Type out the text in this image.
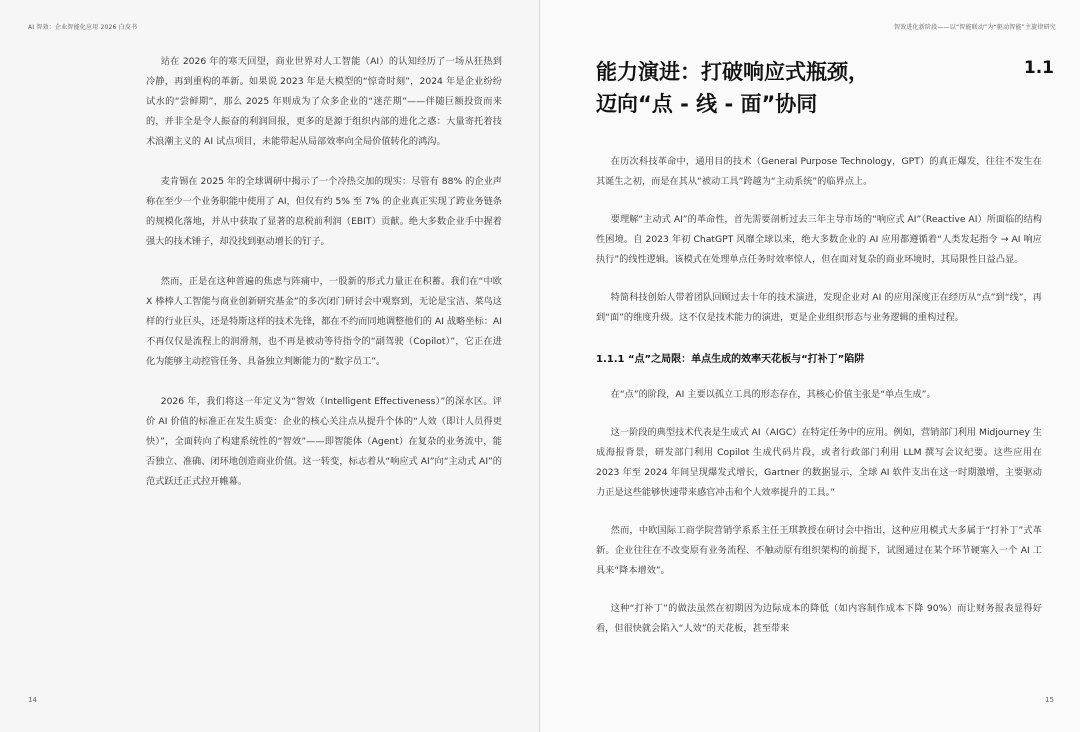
AI 智效：企业智能化应用 2026 白皮书

站在 2026 年的寒天回望，商业世界对人工智能（AI）的认知经历了一场从狂热到冷静，再到重构的革新。如果说 2023 年是大模型的“惊奇时刻”，2024 年是企业纷纷试水的“尝鲜期”，那么 2025 年则成为了众多企业的“迷茫期”——伴随巨额投资而来的，并非全是令人振奋的利润回报，更多的是源于组织内部的进化之惑：大量寄托着技术浪潮主义的 AI 试点项目，未能带起从局部效率向全局价值转化的鸿沟。

麦肯锡在 2025 年的全球调研中揭示了一个冷热交加的现实：尽管有 88% 的企业声称在至少一个业务职能中使用了 AI，但仅有约 5% 至 7% 的企业真正实现了跨业务链条的规模化落地，并从中获取了显著的息税前利润（EBIT）贡献。绝大多数企业手中握着强大的技术锤子，却没找到驱动增长的钉子。

然而，正是在这种普遍的焦虑与阵痛中，一股新的形式力量正在积蓄。我们在“中欧 X 棒棒人工智能与商业创新研究基金”的多次闭门研讨会中观察到，无论是宝洁、菜鸟这样的行业巨头，还是特斯这样的技术先锋，都在不约而同地调整他们的 AI 战略坐标：AI 不再仅仅是流程上的润滑剂，也不再是被动等待指令的“副驾驶（Copilot）”，它正在进化为能够主动控管任务、具备独立判断能力的“数字员工”。

2026 年，我们将这一年定义为“智效（Intelligent Effectiveness）”的深水区。评价 AI 价值的标准正在发生质变：企业的核心关注点从提升个体的“人效（即计人员得更快）”，全面转向了构建系统性的“智效”——即智能体（Agent）在复杂的业务流中，能否独立、准确、闭环地创造商业价值。这一转变，标志着从“响应式 AI”向“主动式 AI”的范式跃迁正式拉开帷幕。

14
智效进化新阶段——以“智能联动”为“驱动智能”主旋律研究
能力演进：打破响应式瓶颈，
迈向“点 - 线 - 面”协同
1.1

在历次科技革命中，通用目的技术（General Purpose Technology，GPT）的真正爆发，往往不发生在其诞生之初，而是在其从“被动工具”跨越为“主动系统”的临界点上。

要理解“主动式 AI”的革命性，首先需要剖析过去三年主导市场的“响应式 AI”（Reactive AI）所面临的结构性困境。自 2023 年初 ChatGPT 风靡全球以来，绝大多数企业的 AI 应用都遵循着“人类发起指令 → AI 响应执行”的线性逻辑。该模式在处理单点任务时效率惊人，但在面对复杂的商业环境时，其局限性日益凸显。

特简科技创始人带着团队回顾过去十年的技术演进，发现企业对 AI 的应用深度正在经历从“点”到“线”，再到“面”的维度升级。这不仅是技术能力的演进，更是企业组织形态与业务逻辑的重构过程。

1.1.1 “点”之局限：单点生成的效率天花板与“打补丁”陷阱

在“点”的阶段，AI 主要以孤立工具的形态存在，其核心价值主张是“单点生成”。

这一阶段的典型技术代表是生成式 AI（AIGC）在特定任务中的应用。例如，营销部门利用 Midjourney 生成海报背景，研发部门利用 Copilot 生成代码片段，或者行政部门利用 LLM 撰写会议纪要。这些应用在 2023 年至 2024 年间呈现爆发式增长，Gartner 的数据显示，全球 AI 软件支出在这一时期激增，主要驱动力正是这些能够快速带来感官冲击和个人效率提升的工具。”

然而，中欧国际工商学院营销学系系主任王琪教授在研讨会中指出，这种应用模式大多属于“打补丁”式革新。企业往往在不改变原有业务流程、不触动原有组织架构的前提下，试图通过在某个环节硬塞入一个 AI 工具来“降本增效”。

这种“打补丁”的做法虽然在初期因为边际成本的降低（如内容制作成本下降 90%）而让财务报表显得好看，但很快就会陷入“人效”的天花板，甚至带来

15
